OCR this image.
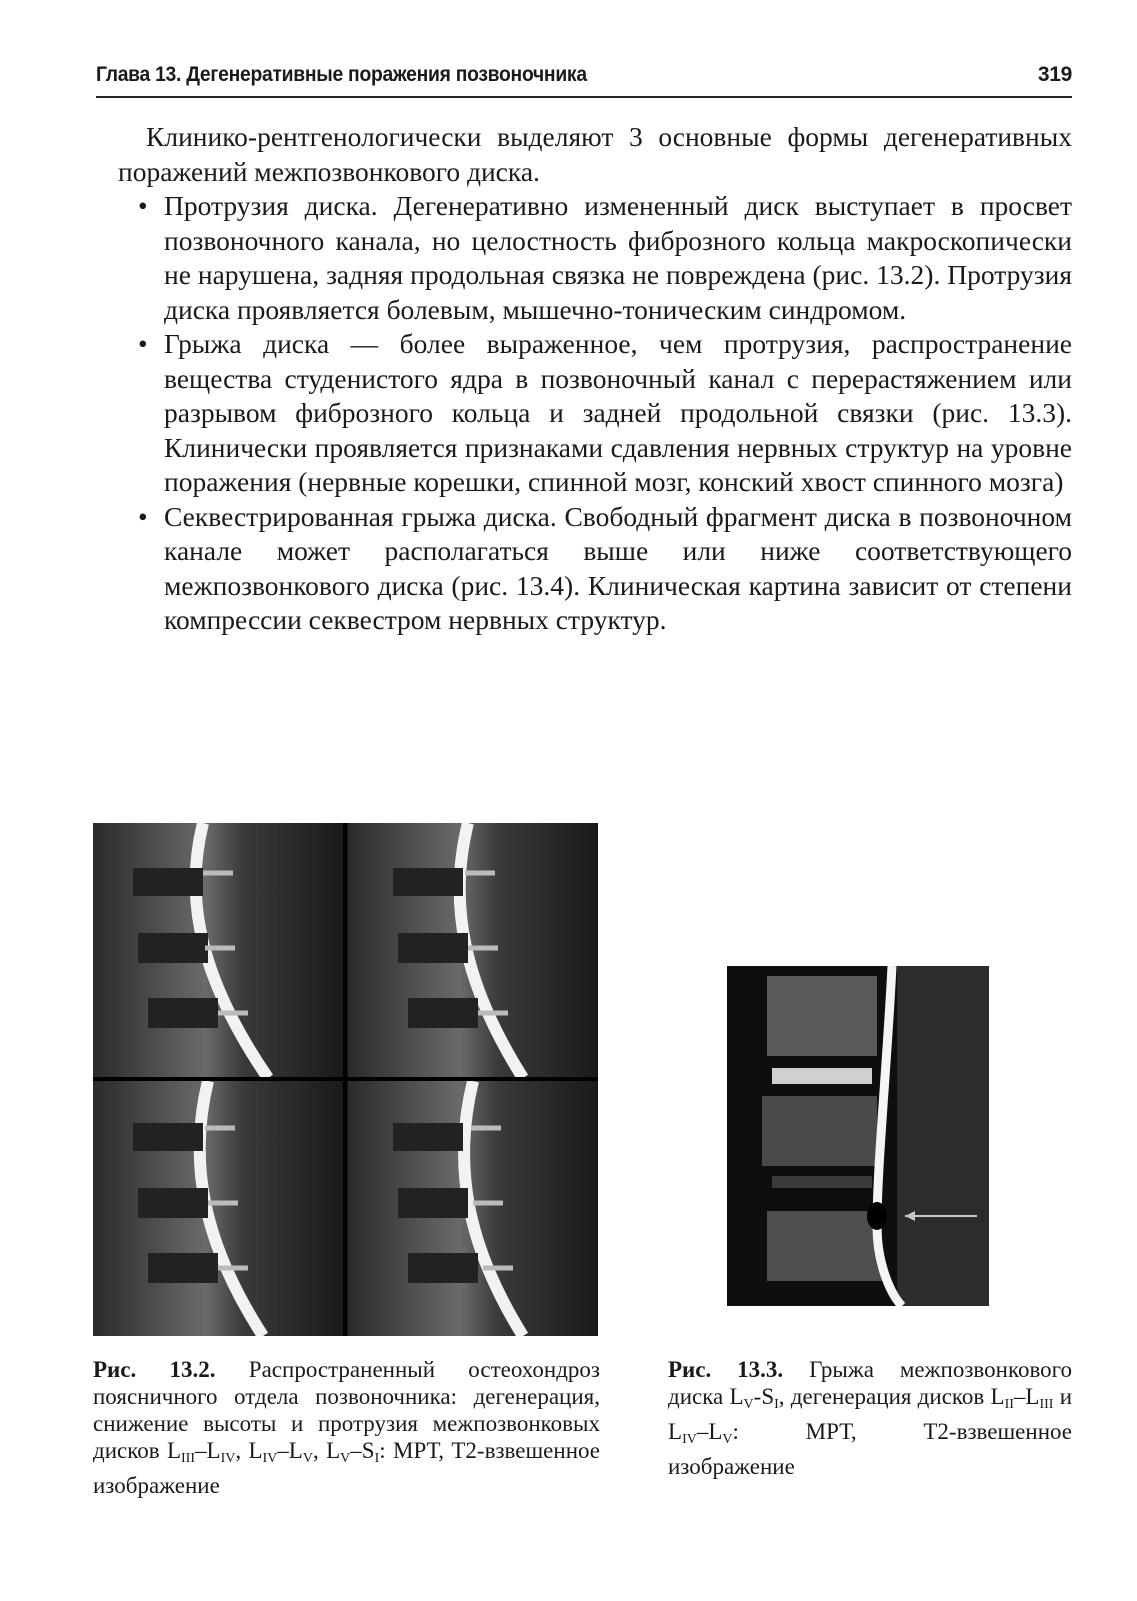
Глава 13. Дегенеративные поражения позвоночника	319

Клинико-рентгенологически выделяют 3 основные формы дегенеративных поражений межпозвонкового диска.

• Протрузия диска. Дегенеративно измененный диск выступает в просвет позвоночного канала, но целостность фиброзного кольца макроскопически не нарушена, задняя продольная связка не повреждена (рис. 13.2). Протрузия диска проявляется болевым, мышечно-тоническим синдромом.
• Грыжа диска — более выраженное, чем протрузия, распространение вещества студенистого ядра в позвоночный канал с перерастяжением или разрывом фиброзного кольца и задней продольной связки (рис. 13.3). Клинически проявляется признаками сдавления нервных структур на уровне поражения (нервные корешки, спинной мозг, конский хвост спинного мозга)
• Секвестрированная грыжа диска. Свободный фрагмент диска в позвоночном канале может располагаться выше или ниже соответствующего межпозвонкового диска (рис. 13.4). Клиническая картина зависит от степени компрессии секвестром нервных структур.
Рис. 13.2. Распространенный остеохондроз поясничного отдела позвоночника: дегенерация, снижение высоты и протрузия межпозвонковых дисков $L_{III}-L_{IV}$, $L_{IV}-L_V$, $L_V-S_I$: МРТ, Т2-взвешенное изображение
Рис. 13.3. Грыжа межпозвонкового диска $L_V-S_I$, дегенерация дисков $L_{II}-L_{III}$ и $L_{IV}-L_V$: МРТ, Т2-взвешенное изображение
